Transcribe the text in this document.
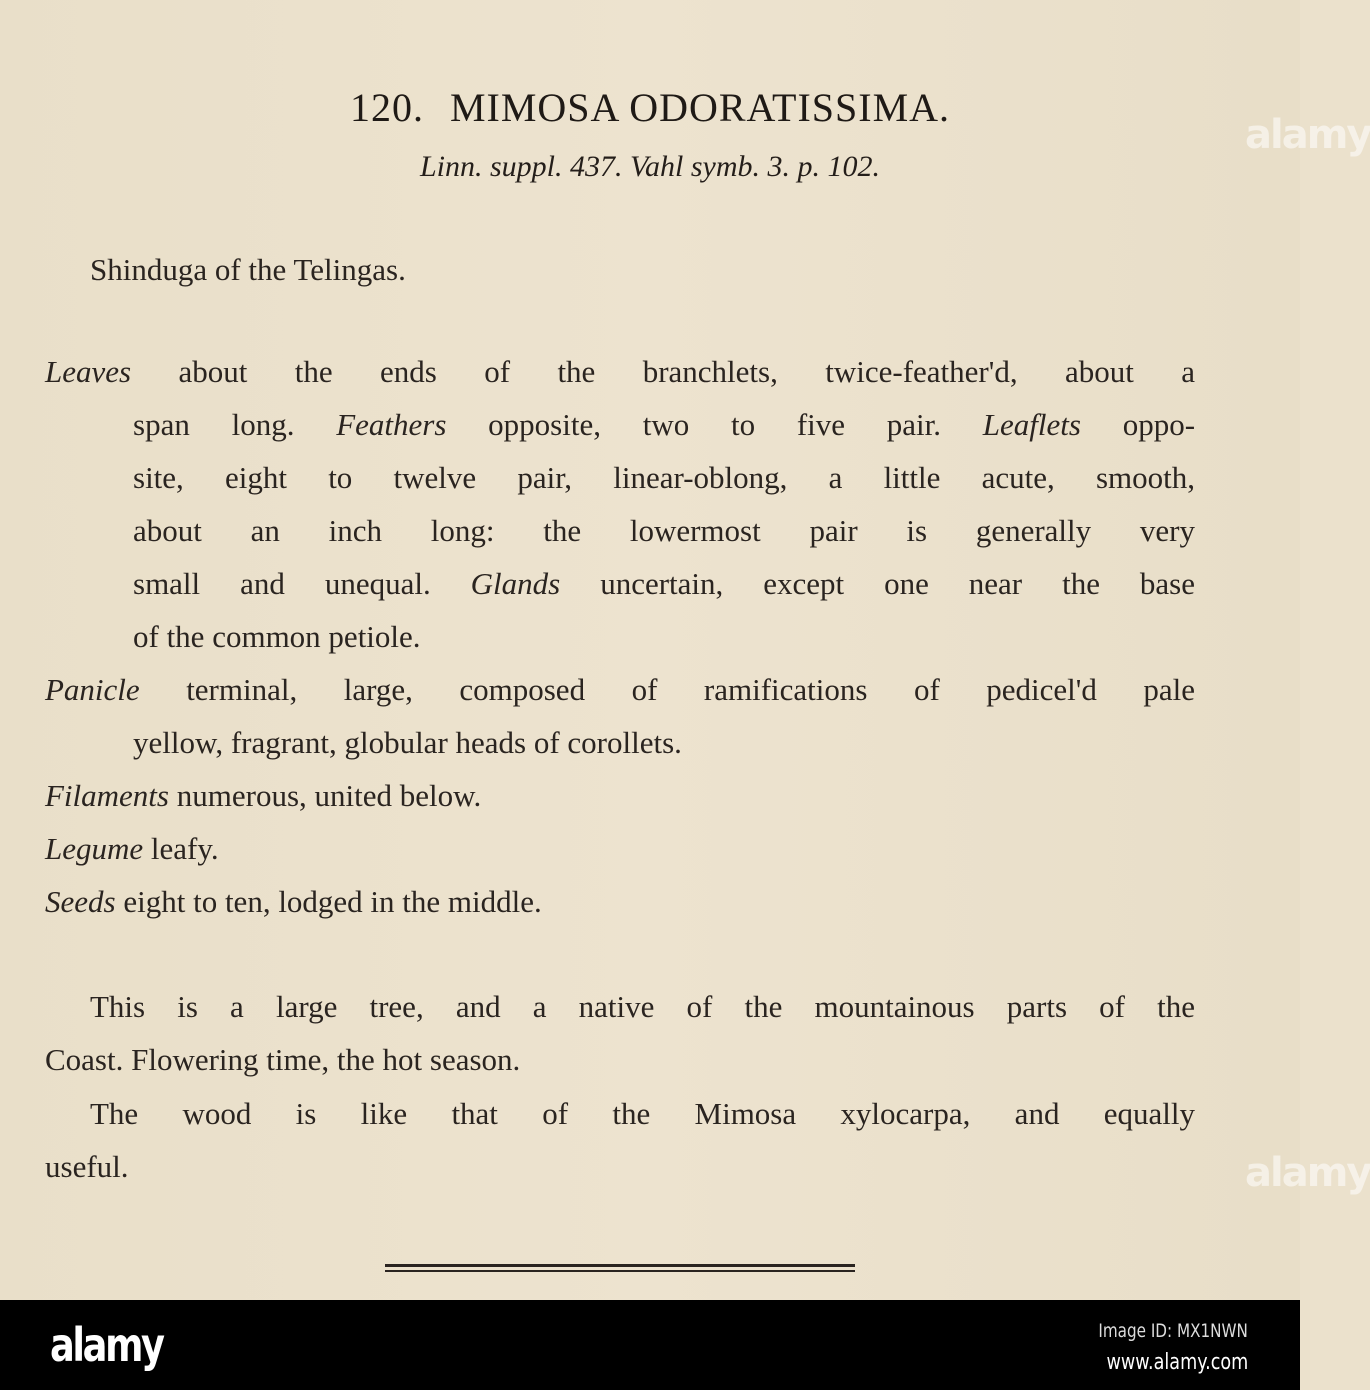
120. MIMOSA ODORATISSIMA.
Linn. suppl. 437. Vahl symb. 3. p. 102.
Shinduga of the Telingas.
Leaves about the ends of the branchlets, twice-feather'd, about a
span long. Feathers opposite, two to five pair. Leaflets oppo-
site, eight to twelve pair, linear-oblong, a little acute, smooth,
about an inch long: the lowermost pair is generally very
small and unequal. Glands uncertain, except one near the base
of the common petiole.
Panicle terminal, large, composed of ramifications of pedicel'd pale
yellow, fragrant, globular heads of corollets.
Filaments numerous, united below.
Legume leafy.
Seeds eight to ten, lodged in the middle.
This is a large tree, and a native of the mountainous parts of the
Coast. Flowering time, the hot season.
The wood is like that of the Mimosa xylocarpa, and equally
useful.
alamy
alamy
alamy	Image ID: MX1NWN
www.alamy.com
